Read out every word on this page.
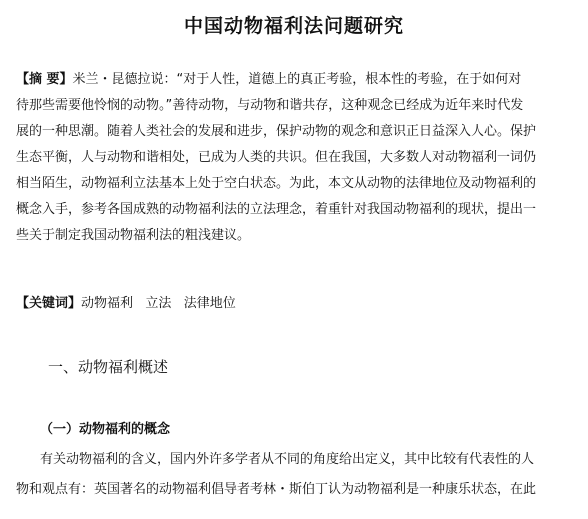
中国动物福利法问题研究
【摘 要】米兰・昆德拉说：“对于人性，道德上的真正考验，根本性的考验，在于如何对
待那些需要他怜悯的动物。”善待动物，与动物和谐共存，这种观念已经成为近年来时代发
展的一种思潮。随着人类社会的发展和进步，保护动物的观念和意识正日益深入人心。保护
生态平衡，人与动物和谐相处，已成为人类的共识。但在我国，大多数人对动物福利一词仍
相当陌生，动物福利立法基本上处于空白状态。为此，本文从动物的法律地位及动物福利的
概念入手，参考各国成熟的动物福利法的立法理念，着重针对我国动物福利的现状，提出一
些关于制定我国动物福利法的粗浅建议。
【关键词】动物福利   立法   法律地位
一、动物福利概述
（一）动物福利的概念
有关动物福利的含义，国内外许多学者从不同的角度给出定义，其中比较有代表性的人
物和观点有：英国著名的动物福利倡导者考林・斯伯丁认为动物福利是一种康乐状态，在此
